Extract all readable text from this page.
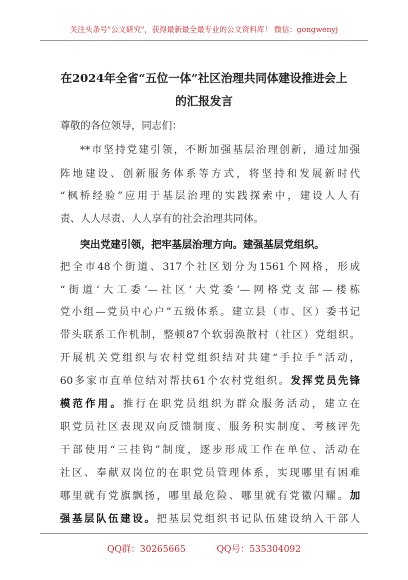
关注头条号"公文研究"，获得最新最全最专业的公文资料库！ 微信：gongwenyj
在2024年全省“五位一体”社区治理共同体建设推进会上
的汇报发言
尊敬的各位领导，同志们：
**市坚持党建引领，不断加强基层治理创新，通过加强
阵地建设、创新服务体系等方式，将坚持和发展新时代
“枫桥经验”应用于基层治理的实践探索中，建设人人有
责、人人尽责、人人享有的社会治理共同体。
突出党建引领，把牢基层治理方向。建强基层党组织。
把全市48个街道、317个社区划分为1561个网格，形成
“街道‘大工委’—社区‘大党委’—网格党支部—楼栋
党小组—党员中心户”五级体系。建立县（市、区）委书记
带头联系工作机制，整顿87个软弱涣散村（社区）党组织。
开展机关党组织与农村党组织结对共建“手拉手”活动，
60多家市直单位结对帮扶61个农村党组织。发挥党员先锋
模范作用。推行在职党员组织为群众服务活动，建立在
职党员社区表现双向反馈制度、服务积实制度、考核评先
干部使用“三挂钩”制度，逐步形成工作在单位、活动在
社区、奉献双岗位的在职党员管理体系，实现哪里有困难
哪里就有党旗飘扬，哪里最危险、哪里就有党徽闪耀。加
强基层队伍建设。把基层党组织书记队伍建设纳入干部人
QQ群：30265665	QQ号：535304092
